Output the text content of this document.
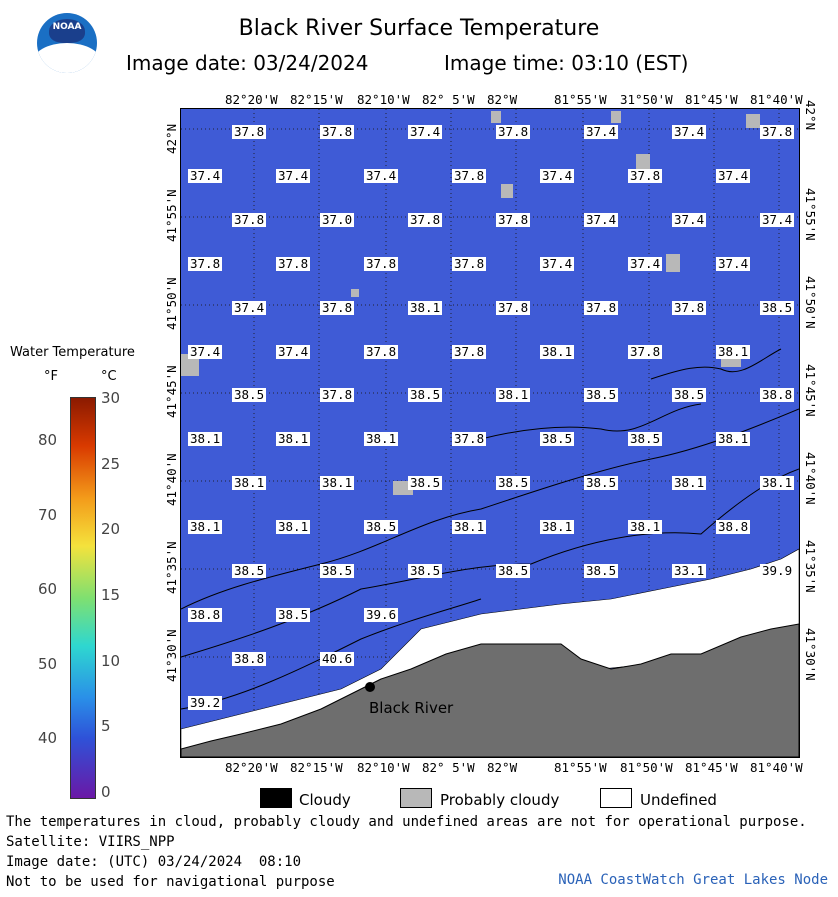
NOAA	Black River Surface Temperature
Image date: 03/24/2024	Image time: 03:10 (EST)
Water Temperature
°F	°C
80
70
60
50
40
30
25
20
15
10
5
0
37.8	37.8	37.4	37.8	37.4	37.4	37.8
37.4	37.4	37.4	37.8	37.4	37.8	37.4
37.8	37.0	37.8	37.8	37.4	37.4	37.4
37.8	37.8	37.8	37.8	37.4	37.4	37.4
37.4	37.8	38.1	37.8	37.8	37.8	38.5
37.4	37.4	37.8	37.8	38.1	37.8	38.1
38.5	37.8	38.5	38.1	38.5	38.5	38.8
38.1	38.1	38.1	37.8	38.5	38.5	38.1
38.1	38.1	38.5	38.5	38.5	38.1	38.1
38.1	38.1	38.5	38.1	38.1	38.1	38.8
38.5	38.5	38.5	38.5	38.5	33.1	39.9
38.8	38.5	39.6
38.8	40.6
39.2	Black River
82°20'W 82°15'W 82°10'W 82° 5'W 82°W	81°55'W 31°50'W 81°45'W 81°40'W
82°20'W 82°15'W 82°10'W 82° 5'W 82°W	81°55'W 81°50'W 81°45'W 81°40'W
42°N
41°55'N
41°50'N
41°45'N
41°40'N
41°35'N
41°30'N
42°N
41°55'N
41°50'N
41°45'N
41°40'N
41°35'N
41°30'N
Cloudy	Probably cloudy	Undefined
The temperatures in cloud, probably cloudy and undefined areas are not for operational purpose.
Satellite: VIIRS_NPP
Image date: (UTC) 03/24/2024  08:10
Not to be used for navigational purpose	NOAA CoastWatch Great Lakes Node
